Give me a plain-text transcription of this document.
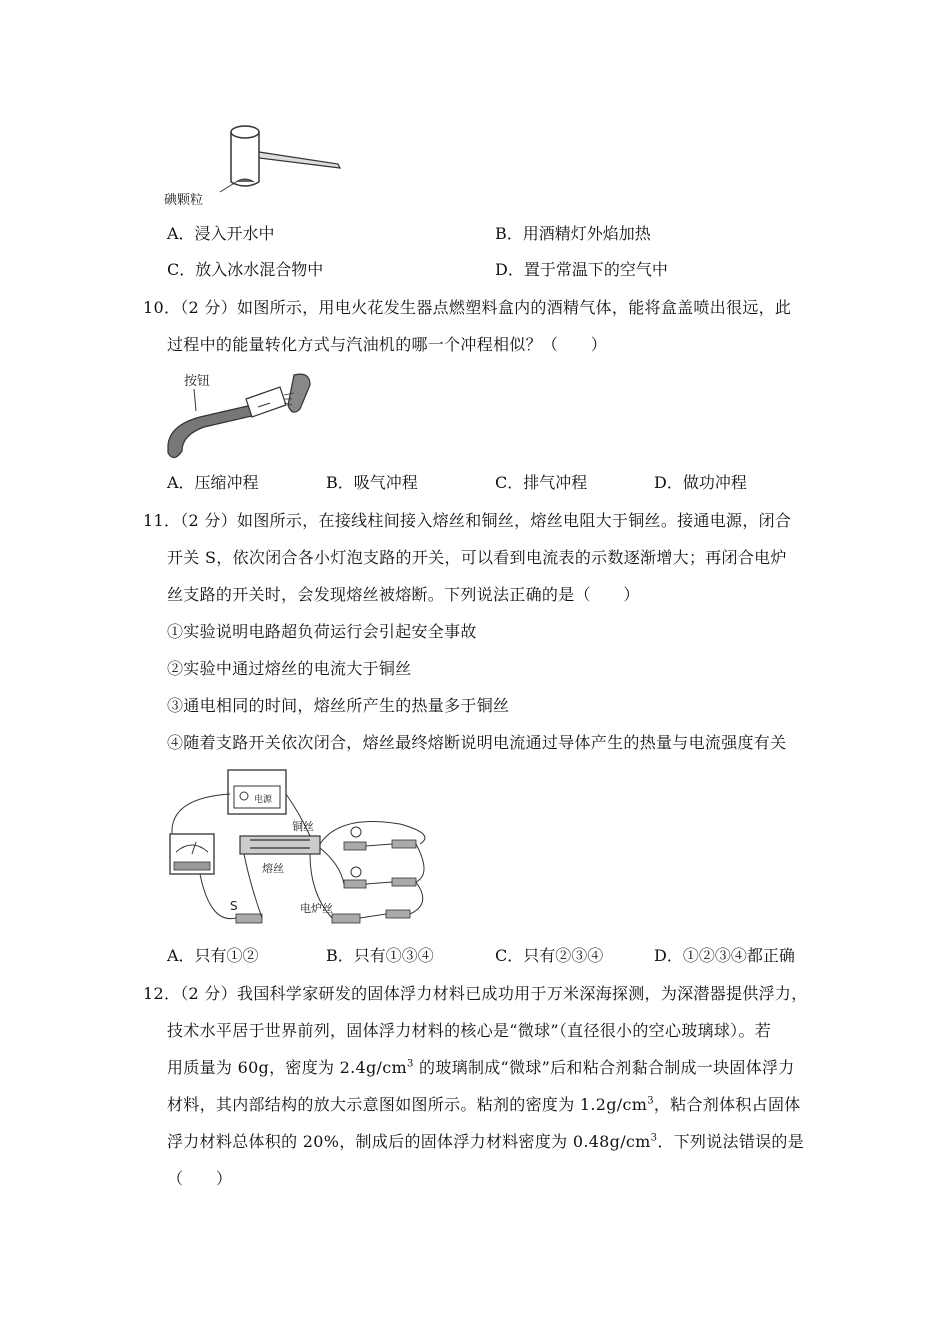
碘颗粒
A．浸入开水中	B．用酒精灯外焰加热
C．放入冰水混合物中	D．置于常温下的空气中
10．（2 分）如图所示，用电火花发生器点燃塑料盒内的酒精气体，能将盒盖喷出很远，此
过程中的能量转化方式与汽油机的哪一个冲程相似？（　　）
按钮
A．压缩冲程	B．吸气冲程	C．排气冲程	D．做功冲程
11．（2 分）如图所示，在接线柱间接入熔丝和铜丝，熔丝电阻大于铜丝。接通电源，闭合
开关 S，依次闭合各小灯泡支路的开关，可以看到电流表的示数逐渐增大；再闭合电炉
丝支路的开关时，会发现熔丝被熔断。下列说法正确的是（　　）
①实验说明电路超负荷运行会引起安全事故
②实验中通过熔丝的电流大于铜丝
③通电相同的时间，熔丝所产生的热量多于铜丝
④随着支路开关依次闭合，熔丝最终熔断说明电流通过导体产生的热量与电流强度有关
电源
铜丝
熔丝
电炉丝
S
A．只有①②	B．只有①③④	C．只有②③④	D．①②③④都正确
12．（2 分）我国科学家研发的固体浮力材料已成功用于万米深海探测，为深潜器提供浮力，
技术水平居于世界前列，固体浮力材料的核心是“微球”（直径很小的空心玻璃球）。若
用质量为 60g，密度为 $2.4g/cm^3$ 的玻璃制成“微球”后和粘合剂黏合制成一块固体浮力
材料，其内部结构的放大示意图如图所示。粘剂的密度为 $1.2g/cm^3$，粘合剂体积占固体
浮力材料总体积的 20%，制成后的固体浮力材料密度为 $0.48g/cm^3$．下列说法错误的是
（　　）
